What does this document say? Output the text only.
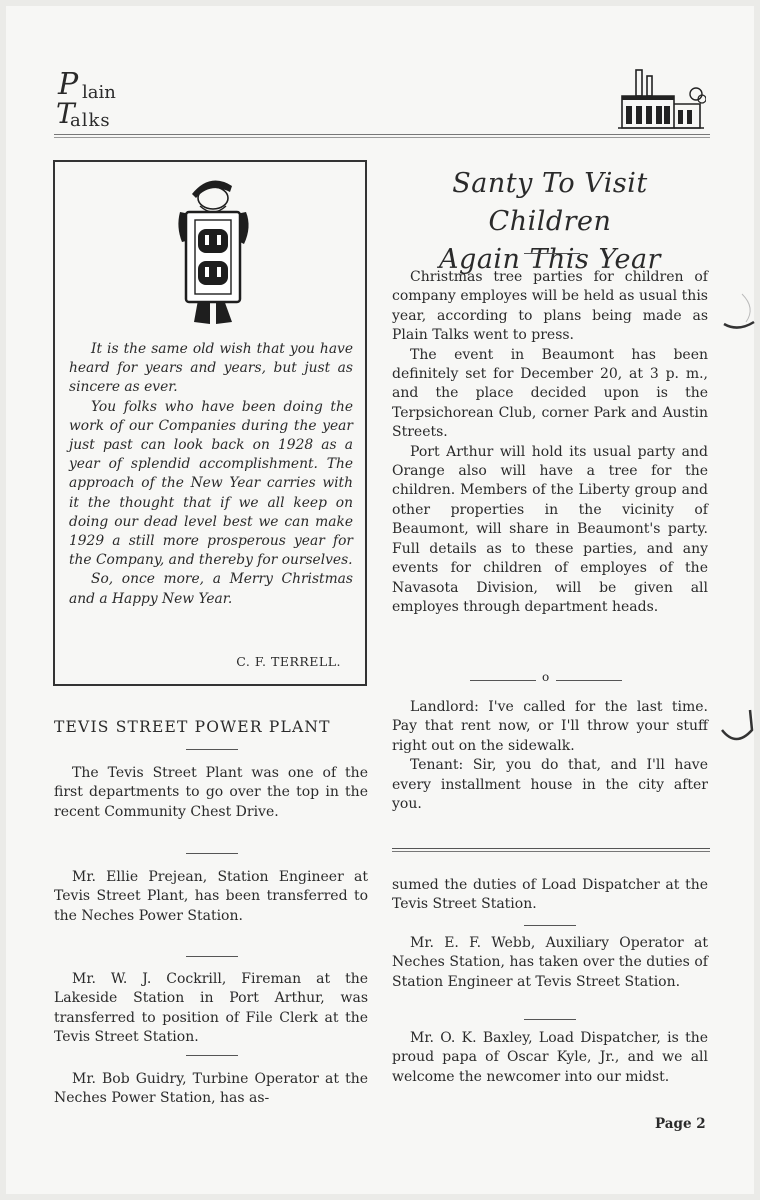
P lain
T
alks

It is the same old wish that you have heard for years and years, but just as sincere as ever.

You folks who have been doing the work of our Companies during the year just past can look back on 1928 as a year of splendid accomplishment. The approach of the New Year carries with it the thought that if we all keep on doing our dead level best we can make 1929 a still more prosperous year for the Company, and thereby for ourselves.

So, once more, a Merry Christmas and a Happy New Year.

C. F. TERRELL.
TEVIS STREET POWER PLANT

The Tevis Street Plant was one of the first departments to go over the top in the recent Community Chest Drive.

Mr. Ellie Prejean, Station Engineer at Tevis Street Plant, has been transferred to the Neches Power Station.

Mr. W. J. Cockrill, Fireman at the Lakeside Station in Port Arthur, was transferred to position of File Clerk at the Tevis Street Station.

Mr. Bob Guidry, Turbine Operator at the Neches Power Station, has as-

Santy To Visit Children
Again This Year

Christmas tree parties for children of company employes will be held as usual this year, according to plans being made as Plain Talks went to press.

The event in Beaumont has been definitely set for December 20, at 3 p. m., and the place decided upon is the Terpsichorean Club, corner Park and Austin Streets.

Port Arthur will hold its usual party and Orange also will have a tree for the children. Members of the Liberty group and other properties in the vicinity of Beaumont, will share in Beaumont's party. Full details as to these parties, and any events for children of employes of the Navasota Division, will be given all employes through department heads.

o

Landlord: I've called for the last time. Pay that rent now, or I'll throw your stuff right out on the sidewalk.

Tenant: Sir, you do that, and I'll have every installment house in the city after you.

sumed the duties of Load Dispatcher at the Tevis Street Station.

Mr. E. F. Webb, Auxiliary Operator at Neches Station, has taken over the duties of Station Engineer at Tevis Street Station.

Mr. O. K. Baxley, Load Dispatcher, is the proud papa of Oscar Kyle, Jr., and we all welcome the newcomer into our midst.

Page 2
